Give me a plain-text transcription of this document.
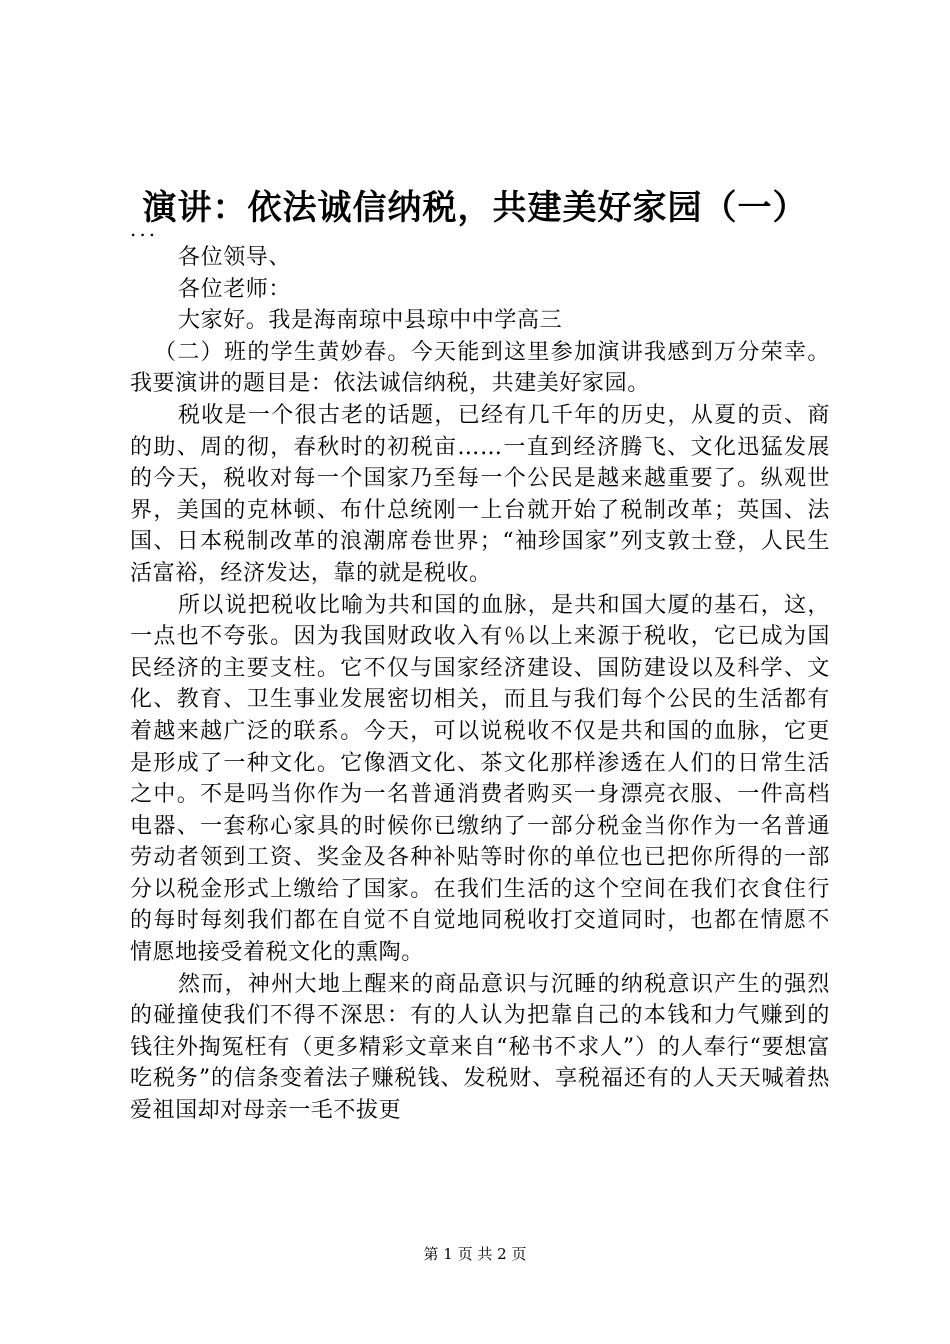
演讲：依法诚信纳税，共建美好家园（一）

...

各位领导、

各位老师：

大家好。我是海南琼中县琼中中学高三

（二）班的学生黄妙春。今天能到这里参加演讲我感到万分荣幸。我要演讲的题目是：依法诚信纳税，共建美好家园。

税收是一个很古老的话题，已经有几千年的历史，从夏的贡、商的助、周的彻，春秋时的初税亩……一直到经济腾飞、文化迅猛发展的今天，税收对每一个国家乃至每一个公民是越来越重要了。纵观世界，美国的克林顿、布什总统刚一上台就开始了税制改革；英国、法国、日本税制改革的浪潮席卷世界；“袖珍国家”列支敦士登，人民生活富裕，经济发达，靠的就是税收。

所以说把税收比喻为共和国的血脉，是共和国大厦的基石，这，一点也不夸张。因为我国财政收入有％以上来源于税收，它已成为国民经济的主要支柱。它不仅与国家经济建设、国防建设以及科学、文化、教育、卫生事业发展密切相关，而且与我们每个公民的生活都有着越来越广泛的联系。今天，可以说税收不仅是共和国的血脉，它更是形成了一种文化。它像酒文化、茶文化那样渗透在人们的日常生活之中。不是吗当你作为一名普通消费者购买一身漂亮衣服、一件高档电器、一套称心家具的时候你已缴纳了一部分税金当你作为一名普通劳动者领到工资、奖金及各种补贴等时你的单位也已把你所得的一部分以税金形式上缴给了国家。在我们生活的这个空间在我们衣食住行的每时每刻我们都在自觉不自觉地同税收打交道同时，也都在情愿不情愿地接受着税文化的熏陶。

然而，神州大地上醒来的商品意识与沉睡的纳税意识产生的强烈的碰撞使我们不得不深思：有的人认为把靠自己的本钱和力气赚到的钱往外掏冤枉有（更多精彩文章来自“秘书不求人”）的人奉行“要想富吃税务”的信条变着法子赚税钱、发税财、享税福还有的人天天喊着热爱祖国却对母亲一毛不拔更

第 1 页 共 2 页
